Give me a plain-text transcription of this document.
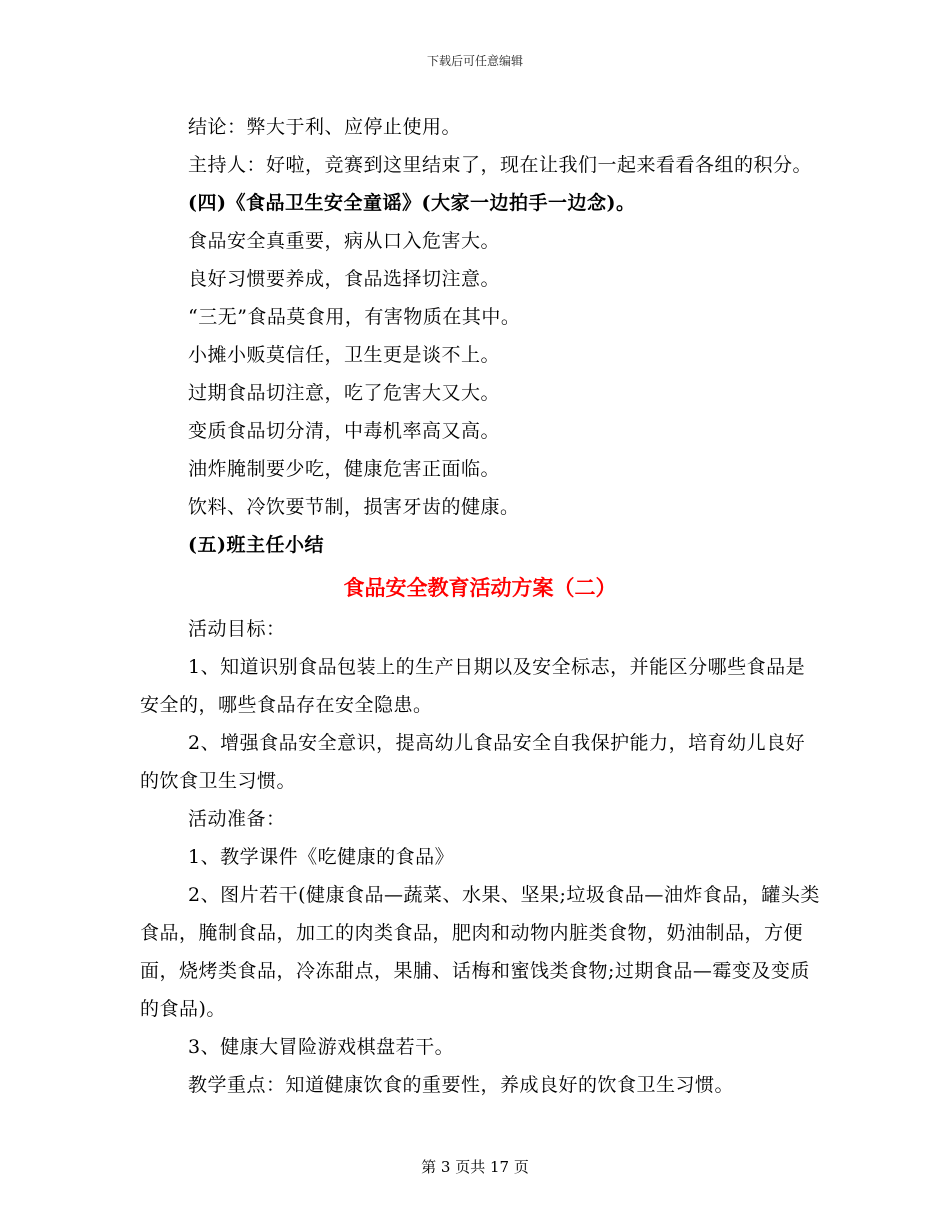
下载后可任意编辑

结论：弊大于利、应停止使用。

主持人：好啦，竞赛到这里结束了，现在让我们一起来看看各组的积分。

(四)《食品卫生安全童谣》(大家一边拍手一边念)。

食品安全真重要，病从口入危害大。

良好习惯要养成，食品选择切注意。

“三无”食品莫食用，有害物质在其中。

小摊小贩莫信任，卫生更是谈不上。

过期食品切注意，吃了危害大又大。

变质食品切分清，中毒机率高又高。

油炸腌制要少吃，健康危害正面临。

饮料、冷饮要节制，损害牙齿的健康。

(五)班主任小结

食品安全教育活动方案（二）

活动目标：

1、知道识别食品包装上的生产日期以及安全标志，并能区分哪些食品是安全的，哪些食品存在安全隐患。

2、增强食品安全意识，提高幼儿食品安全自我保护能力，培育幼儿良好的饮食卫生习惯。

活动准备：

1、教学课件《吃健康的食品》

2、图片若干(健康食品—蔬菜、水果、坚果;垃圾食品—油炸食品，罐头类食品，腌制食品，加工的肉类食品，肥肉和动物内脏类食物，奶油制品，方便面，烧烤类食品，冷冻甜点，果脯、话梅和蜜饯类食物;过期食品—霉变及变质的食品)。

3、健康大冒险游戏棋盘若干。

教学重点：知道健康饮食的重要性，养成良好的饮食卫生习惯。

第 3 页共 17 页
